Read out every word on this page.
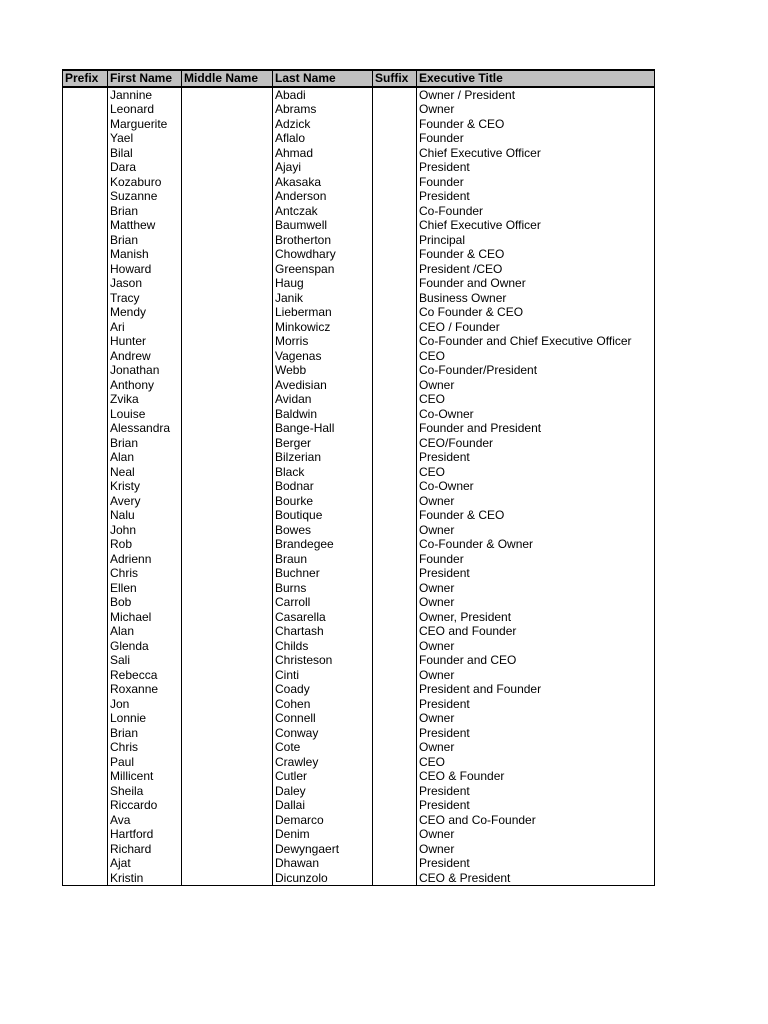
Prefix	First Name	Middle Name	Last Name	Suffix	Executive Title
	Jannine		Abadi		Owner / President
	Leonard		Abrams		Owner
	Marguerite		Adzick		Founder & CEO
	Yael		Aflalo		Founder
	Bilal		Ahmad		Chief Executive Officer
	Dara		Ajayi		President
	Kozaburo		Akasaka		Founder
	Suzanne		Anderson		President
	Brian		Antczak		Co-Founder
	Matthew		Baumwell		Chief Executive Officer
	Brian		Brotherton		Principal
	Manish		Chowdhary		Founder & CEO
	Howard		Greenspan		President /CEO
	Jason		Haug		Founder and Owner
	Tracy		Janik		Business Owner
	Mendy		Lieberman		Co Founder & CEO
	Ari		Minkowicz		CEO / Founder
	Hunter		Morris		Co-Founder and Chief Executive Officer
	Andrew		Vagenas		CEO
	Jonathan		Webb		Co-Founder/President
	Anthony		Avedisian		Owner
	Zvika		Avidan		CEO
	Louise		Baldwin		Co-Owner
	Alessandra		Bange-Hall		Founder and President
	Brian		Berger		CEO/Founder
	Alan		Bilzerian		President
	Neal		Black		CEO
	Kristy		Bodnar		Co-Owner
	Avery		Bourke		Owner
	Nalu		Boutique		Founder & CEO
	John		Bowes		Owner
	Rob		Brandegee		Co-Founder & Owner
	Adrienn		Braun		Founder
	Chris		Buchner		President
	Ellen		Burns		Owner
	Bob		Carroll		Owner
	Michael		Casarella		Owner, President
	Alan		Chartash		CEO and Founder
	Glenda		Childs		Owner
	Sali		Christeson		Founder and CEO
	Rebecca		Cinti		Owner
	Roxanne		Coady		President and Founder
	Jon		Cohen		President
	Lonnie		Connell		Owner
	Brian		Conway		President
	Chris		Cote		Owner
	Paul		Crawley		CEO
	Millicent		Cutler		CEO & Founder
	Sheila		Daley		President
	Riccardo		Dallai		President
	Ava		Demarco		CEO and Co-Founder
	Hartford		Denim		Owner
	Richard		Dewyngaert		Owner
	Ajat		Dhawan		President
	Kristin		Dicunzolo		CEO & President
